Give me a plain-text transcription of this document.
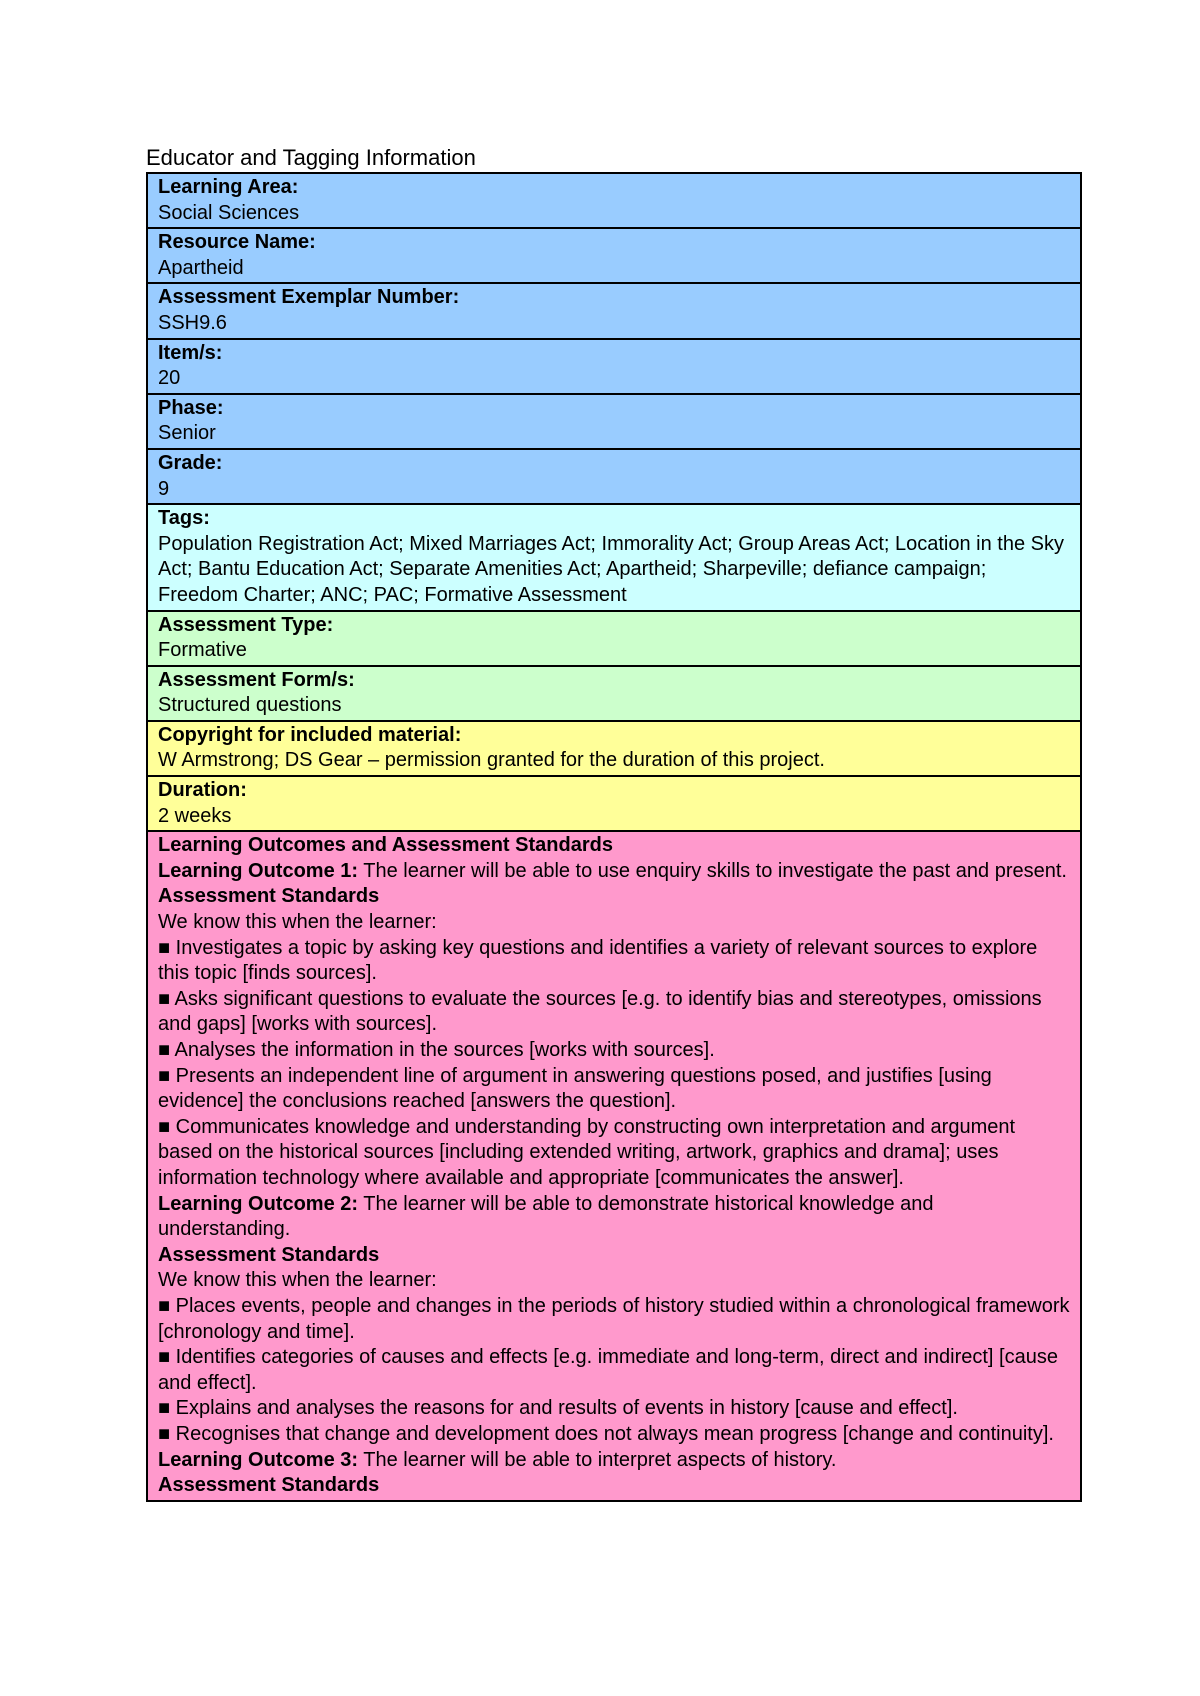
Educator and Tagging Information
Learning Area:
Social Sciences
Resource Name:
Apartheid
Assessment Exemplar Number:
SSH9.6
Item/s:
20
Phase:
Senior
Grade:
9
Tags:
Population Registration Act; Mixed Marriages Act; Immorality Act; Group Areas Act; Location in the Sky Act; Bantu Education Act; Separate Amenities Act; Apartheid; Sharpeville; defiance campaign; Freedom Charter; ANC; PAC; Formative Assessment
Assessment Type:
Formative
Assessment Form/s:
Structured questions
Copyright for included material:
W Armstrong; DS Gear – permission granted for the duration of this project.
Duration:
2 weeks
Learning Outcomes and Assessment Standards
Learning Outcome 1: The learner will be able to use enquiry skills to investigate the past and present.
Assessment Standards
We know this when the learner:
■ Investigates a topic by asking key questions and identifies a variety of relevant sources to explore this topic [finds sources].
■ Asks significant questions to evaluate the sources [e.g. to identify bias and stereotypes, omissions and gaps] [works with sources].
■ Analyses the information in the sources [works with sources].
■ Presents an independent line of argument in answering questions posed, and justifies [using evidence] the conclusions reached [answers the question].
■ Communicates knowledge and understanding by constructing own interpretation and argument based on the historical sources [including extended writing, artwork, graphics and drama]; uses information technology where available and appropriate [communicates the answer].
Learning Outcome 2: The learner will be able to demonstrate historical knowledge and understanding.
Assessment Standards
We know this when the learner:
■ Places events, people and changes in the periods of history studied within a chronological framework [chronology and time].
■ Identifies categories of causes and effects [e.g. immediate and long-term, direct and indirect] [cause and effect].
■ Explains and analyses the reasons for and results of events in history [cause and effect].
■ Recognises that change and development does not always mean progress [change and continuity].
Learning Outcome 3: The learner will be able to interpret aspects of history.
Assessment Standards
